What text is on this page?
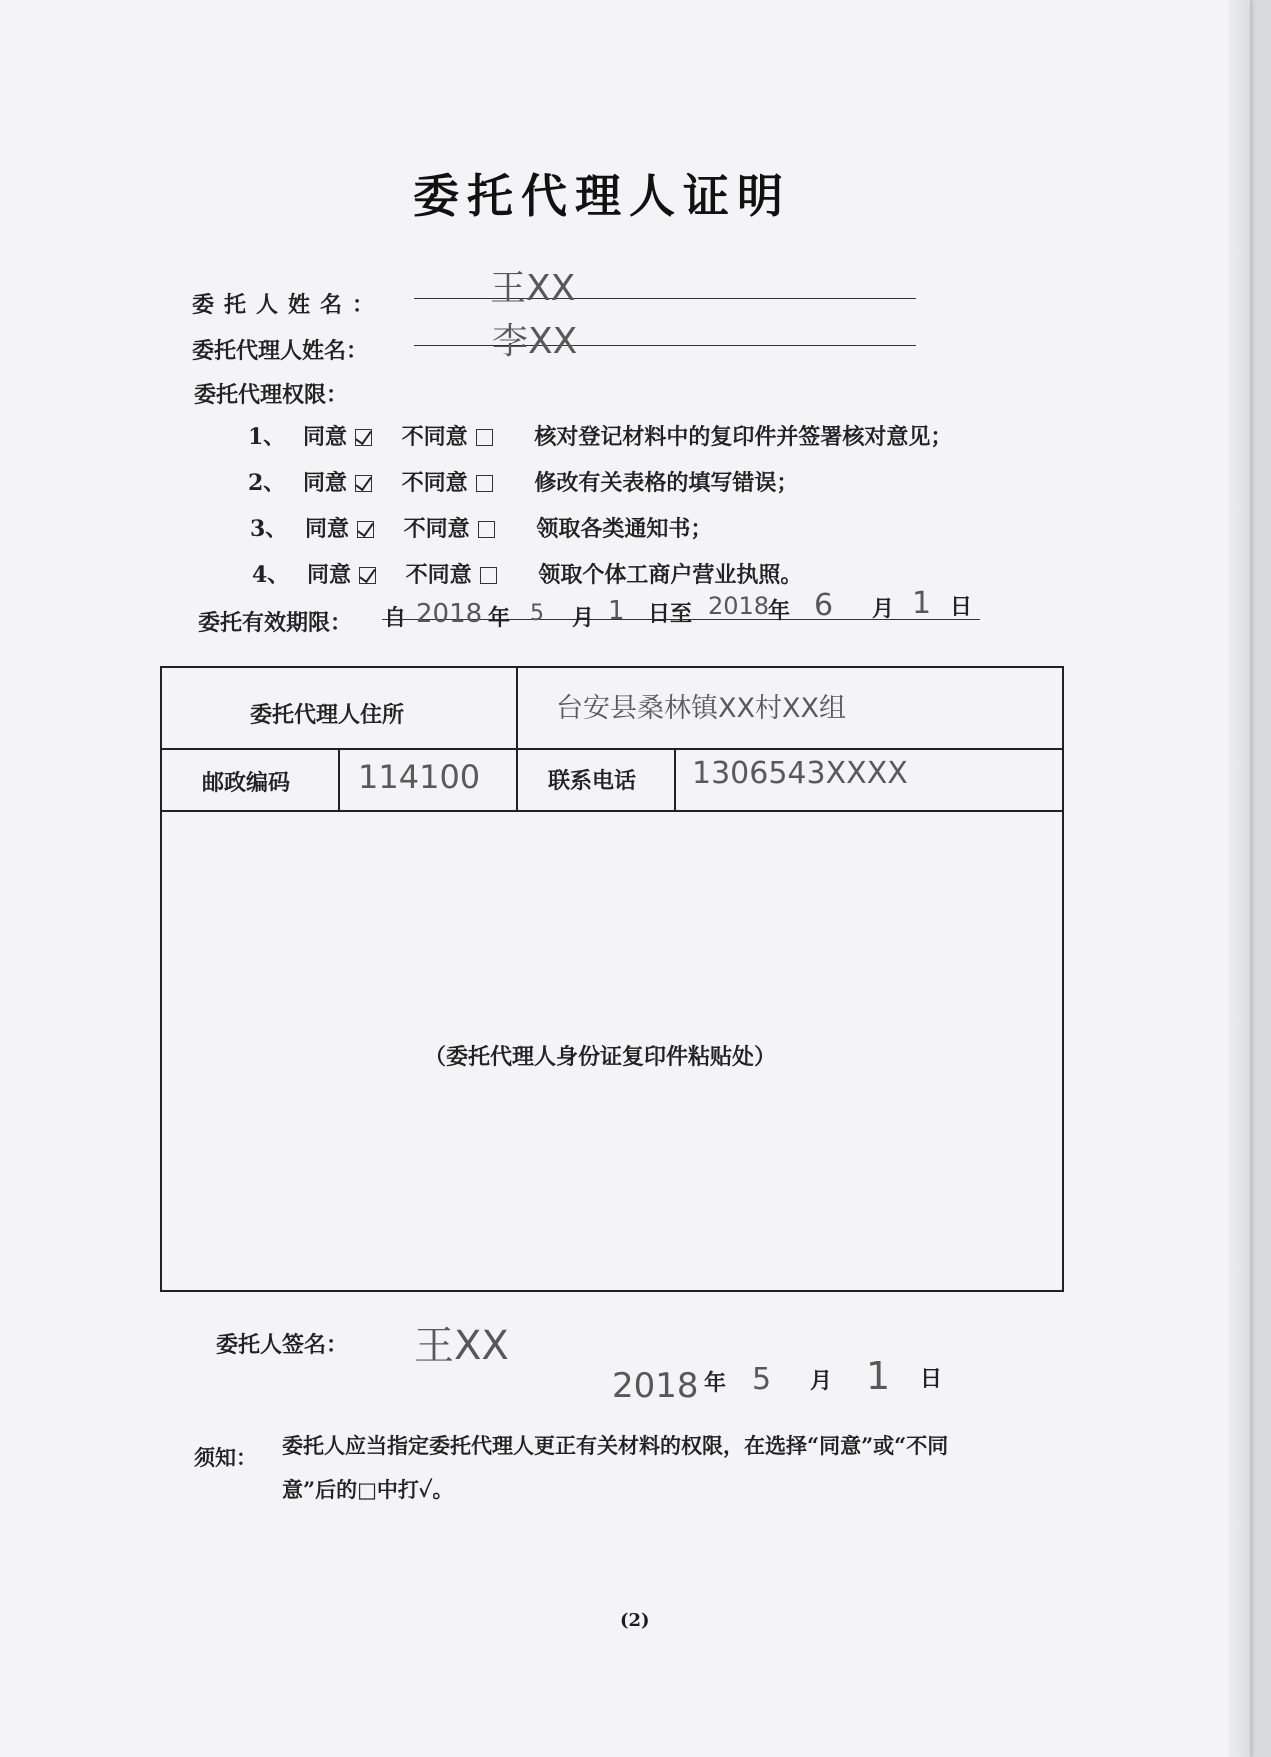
委托代理人证明
委托人姓名：	王XX
委托代理人姓名：	李XX
委托代理权限：
1、 同意 不同意	核对登记材料中的复印件并签署核对意见；
2、 同意 不同意	修改有关表格的填写错误；
3、 同意 不同意	领取各类通知书；
4、 同意 不同意	领取个体工商户营业执照。
委托有效期限： 自 2018 年 5 月 1 日至 2018
年 6 月 1 日
委托代理人住所	台安县桑林镇XX村XX组
邮政编码 114100	联系电话 1306543XXXX
（委托代理人身份证复印件粘贴处）
委托人签名： 王XX
2018 年 5 月 1 日
须知： 委托人应当指定委托代理人更正有关材料的权限，在选择“同意”或“不同
意”后的□中打✓。
(2)
